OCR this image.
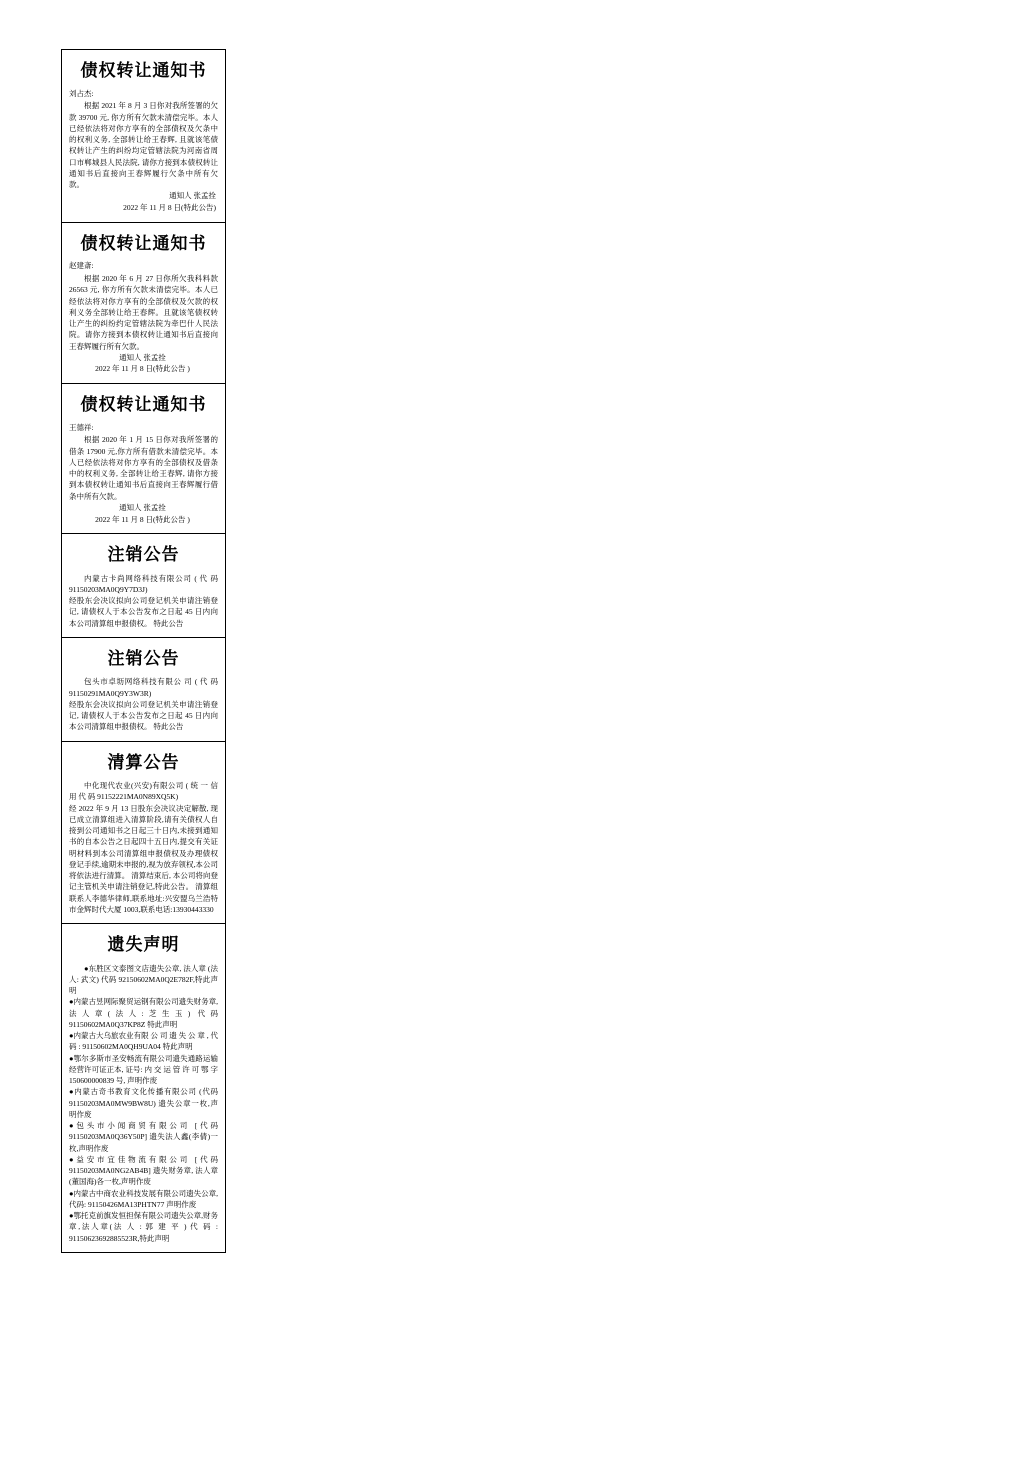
债权转让通知书
刘占杰:
根据 2021 年 8 月 3 日你对我所签署的欠款 39700 元, 你方所有欠款未清偿完毕。本人已经依法将对你方享有的全部债权及欠条中的权利义务, 全部转让给王春辉, 且就该笔债权转让产生的纠纷均定管辖法院为河南省周口市郸城县人民法院, 请你方接到本债权转让通知书后直接向王春辉履行欠条中所有欠款。
通知人 张孟拴
2022 年 11 月 8 日(特此公告)
债权转让通知书
赵建斎:
根据 2020 年 6 月 27 日你所欠我科料款 26563 元, 你方所有欠款未清偿完毕。本人已经依法将对你方享有的全部债权及欠款的权利义务全部转让给王春辉。且就该笔债权转让产生的纠纷约定管辖法院为牵巴什人民法院。请你方接到本债权转让通知书后直接向王春辉履行所有欠款。
通知人 张孟拴
2022 年 11 月 8 日(特此公告 )
债权转让通知书
王德祥:
根据 2020 年 1 月 15 日你对我所签署的借条 17900 元,你方所有借款未清偿完毕。本人已经依法将对你方享有的全部债权及借条中的权利义务, 全部转让给王春辉, 请你方接到本债权转让通知书后直接向王春辉履行借条中所有欠款。
通知人 张孟拴
2022 年 11 月 8 日(特此公告 )
注销公告
内蒙古卡尚网络科技有限公司 ( 代 码 91150203MA0Q9Y7D3J)
经股东会决议拟向公司登记机关申请注销登记, 请债权人于本公告发布之日起 45 日内向本公司清算组申报债权。 特此公告
注销公告
包头市卓坜网络科技有限公 司 ( 代 码 91150291MA0Q9Y3W3R)
经股东会决议拟向公司登记机关申请注销登记, 请债权人于本公告发布之日起 45 日内向本公司清算组申报债权。 特此公告
清算公告
中化现代农业(兴安)有限公司 ( 统 一 信 用 代 码 91152221MA0N89XQ5K)
经 2022 年 9 月 13 日股东会决议决定解散, 现已成立清算组进入清算阶段,请有关债权人自接到公司通知书之日起三十日内,未接到通知书的自本公告之日起四十五日内,提交有关证明材料到本公司清算组申报债权及办理债权登记手续,逾期未申报的,视为放弃领权,本公司将依法进行清算。 清算结束后, 本公司将向登记主管机关申请注销登记,特此公告。 清算组联系人李德华律师,联系地址:兴安盟乌兰浩特市金辉时代大厦 1003,联系电话:13930443330
遗失声明
●东胜区文泰图文店遗失公章, 法人章 (法人: 武文) 代码 92150602MA0Q2E782F,特此声明
●内蒙古昱网际聚贸运钢有限公司遗失财务章,法人章(法人:芝生玉) 代码 91150602MA0Q37KP8Z 特此声明
●内蒙古大乌旅农业有限 公 司 遗 失 公 章 , 代 码 : 91150602MA0QH9UA04 特此声明
●鄂尔多斯市圣安畅流有限公司遗失通路运输经营许可证正本, 证号: 内 交 运 管 许 可 鄂 字 150600000839 号, 声明作废
●内蒙古奇书教育文化传播有限公司 (代码 91150203MA0MW9BW8U) 遗失公章一枚,声明作废
●包头市小闻商贸有限公司 [代码 91150203MA0Q36Y50P] 遗失法人鑫(李倩)一枚,声明作废
●益安市宜佳物流有限公司 [代码 91150203MA0NG2AB4B] 遗失财务章, 法人章(董国海)各一枚,声明作废
●内蒙古中商农业科技发展有限公司遗失公章,代码: 91150426MA13PHTN77 声明作废
●鄂托克前旗发恒担保有限公司遗失公章,财务章,法人章(法 人 : 郭 建 平 ) 代 码 : 91150623692885523R,特此声明
